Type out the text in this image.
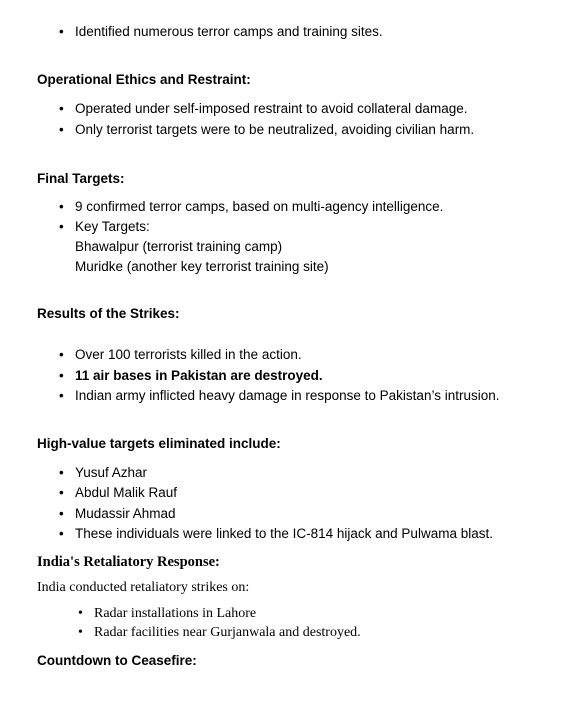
• Identified numerous terror camps and training sites.
Operational Ethics and Restraint:
• Operated under self-imposed restraint to avoid collateral damage.
• Only terrorist targets were to be neutralized, avoiding civilian harm.
Final Targets:
• 9 confirmed terror camps, based on multi-agency intelligence.
• Key Targets:
Bhawalpur (terrorist training camp)
Muridke (another key terrorist training site)
Results of the Strikes:
• Over 100 terrorists killed in the action.
• 11 air bases in Pakistan are destroyed.
• Indian army inflicted heavy damage in response to Pakistan’s intrusion.
High-value targets eliminated include:
• Yusuf Azhar
• Abdul Malik Rauf
• Mudassir Ahmad
• These individuals were linked to the IC-814 hijack and Pulwama blast.
India's Retaliatory Response:
India conducted retaliatory strikes on:
• Radar installations in Lahore
• Radar facilities near Gurjanwala and destroyed.
Countdown to Ceasefire:
